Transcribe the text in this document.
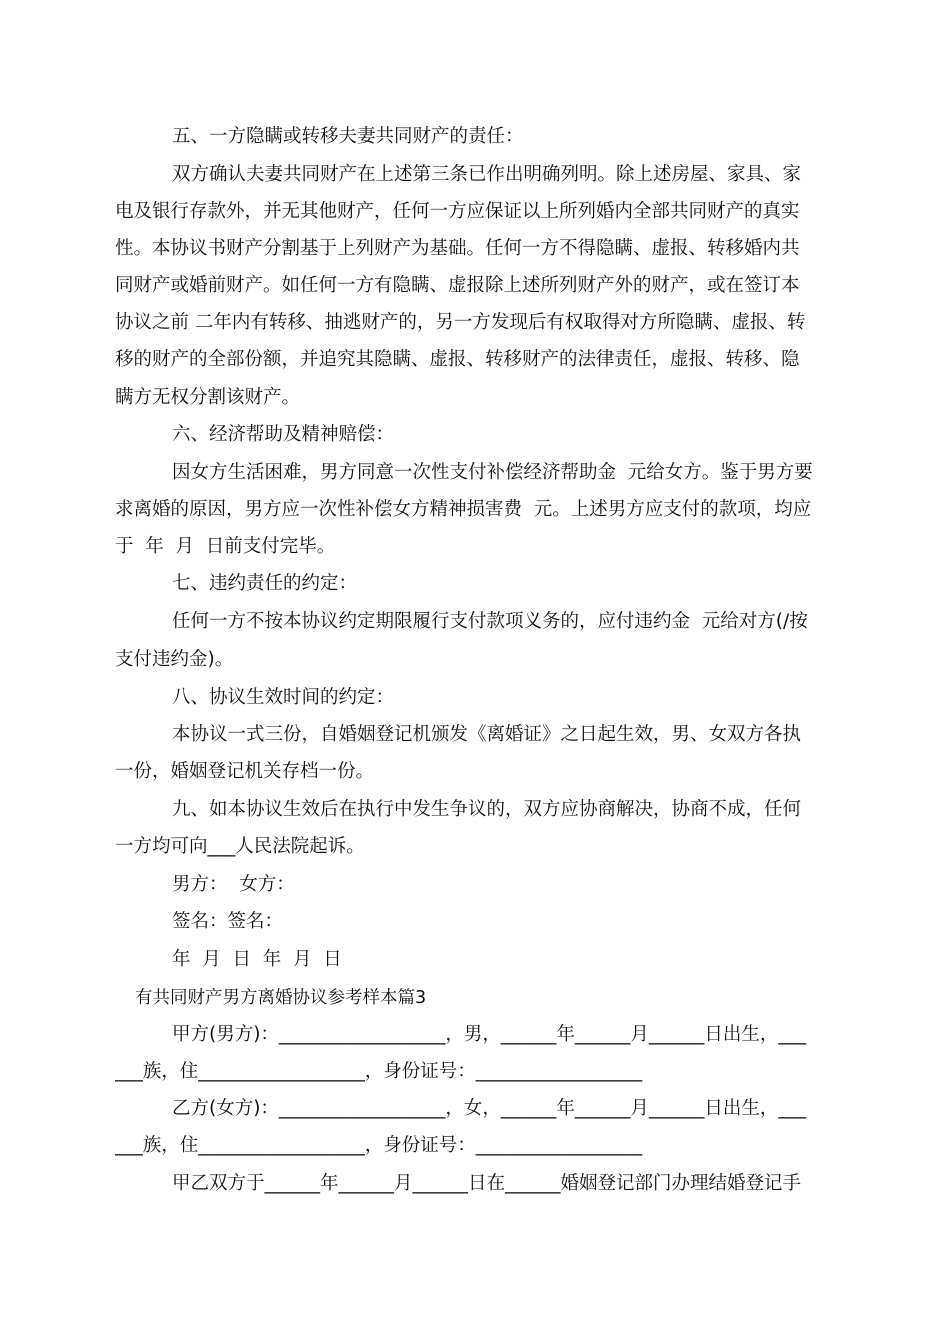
五、一方隐瞒或转移夫妻共同财产的责任：
双方确认夫妻共同财产在上述第三条已作出明确列明。除上述房屋、家具、家
电及银行存款外，并无其他财产，任何一方应保证以上所列婚内全部共同财产的真实
性。本协议书财产分割基于上列财产为基础。任何一方不得隐瞒、虚报、转移婚内共
同财产或婚前财产。如任何一方有隐瞒、虚报除上述所列财产外的财产，或在签订本
协议之前 二年内有转移、抽逃财产的，另一方发现后有权取得对方所隐瞒、虚报、转
移的财产的全部份额，并追究其隐瞒、虚报、转移财产的法律责任，虚报、转移、隐
瞒方无权分割该财产。
六、经济帮助及精神赔偿：
因女方生活困难，男方同意一次性支付补偿经济帮助金  元给女方。鉴于男方要
求离婚的原因，男方应一次性补偿女方精神损害费  元。上述男方应支付的款项，均应
于  年  月  日前支付完毕。
七、违约责任的约定：
任何一方不按本协议约定期限履行支付款项义务的，应付违约金  元给对方(/按
支付违约金)。
八、协议生效时间的约定：
本协议一式三份，自婚姻登记机颁发《离婚证》之日起生效，男、女双方各执
一份，婚姻登记机关存档一份。
九、如本协议生效后在执行中发生争议的，双方应协商解决，协商不成，任何
一方均可向___人民法院起诉。
男方：  女方：
签名：签名：
年  月  日  年  月  日
有共同财产男方离婚协议参考样本篇3
甲方(男方)：__________________，男，______年______月______日出生，___
___族，住__________________，身份证号：__________________
乙方(女方)：__________________，女，______年______月______日出生，___
___族，住__________________，身份证号：__________________
甲乙双方于______年______月______日在______婚姻登记部门办理结婚登记手
